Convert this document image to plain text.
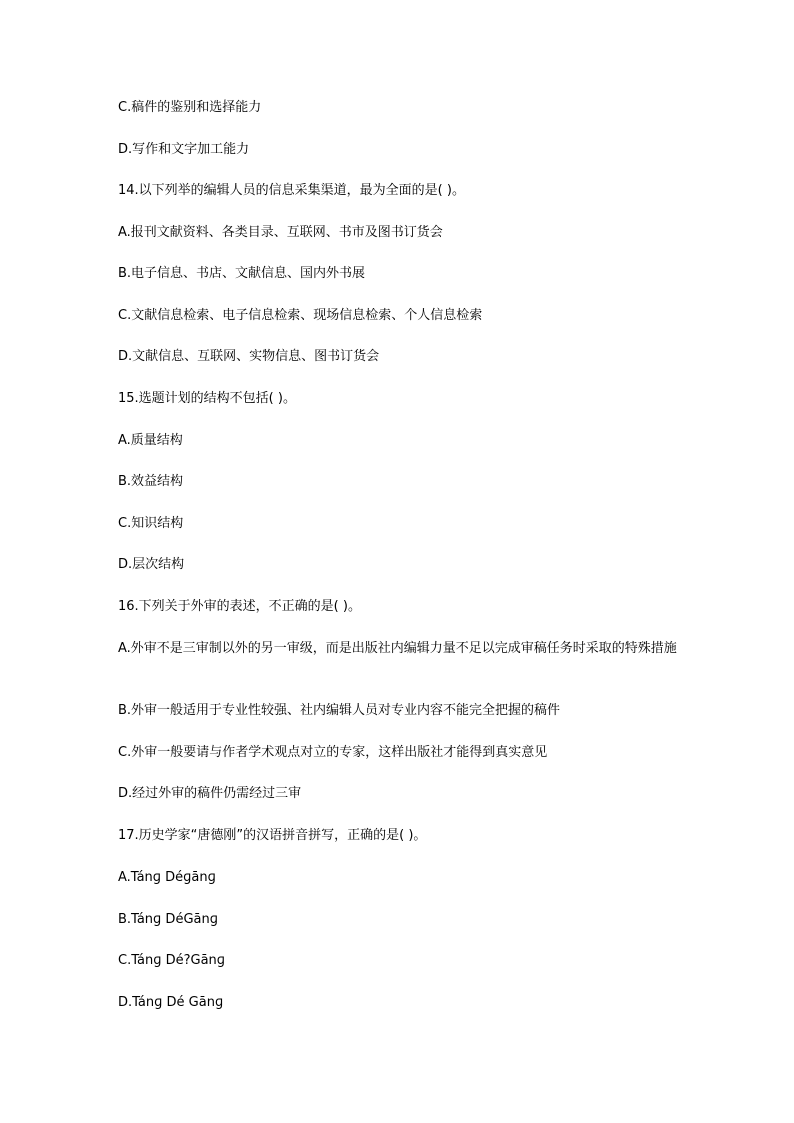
C.稿件的鉴别和选择能力
D.写作和文字加工能力
14.以下列举的编辑人员的信息采集渠道，最为全面的是( )。
A.报刊文献资料、各类目录、互联网、书市及图书订货会
B.电子信息、书店、文献信息、国内外书展
C.文献信息检索、电子信息检索、现场信息检索、个人信息检索
D.文献信息、互联网、实物信息、图书订货会
15.选题计划的结构不包括( )。
A.质量结构
B.效益结构
C.知识结构
D.层次结构
16.下列关于外审的表述，不正确的是( )。
A.外审不是三审制以外的另一审级，而是出版社内编辑力量不足以完成审稿任务时采取的特殊措施
B.外审一般适用于专业性较强、社内编辑人员对专业内容不能完全把握的稿件
C.外审一般要请与作者学术观点对立的专家，这样出版社才能得到真实意见
D.经过外审的稿件仍需经过三审
17.历史学家“唐德刚”的汉语拼音拼写，正确的是( )。
A.Tánɡ Déɡānɡ
B.Tánɡ DéGānɡ
C.Tánɡ Dé?Gānɡ
D.Tánɡ Dé Gānɡ
